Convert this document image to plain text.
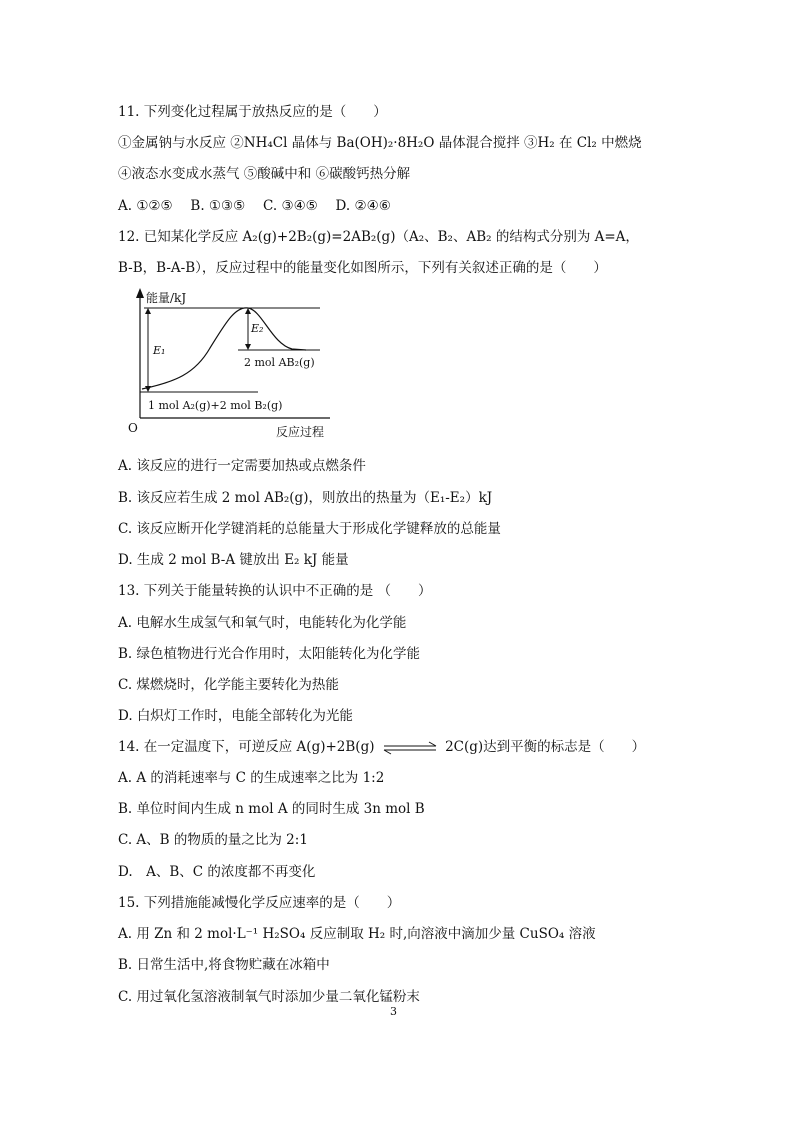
11. 下列变化过程属于放热反应的是（　　）
①金属钠与水反应 ②NH₄Cl 晶体与 Ba(OH)₂·8H₂O 晶体混合搅拌 ③H₂ 在 Cl₂ 中燃烧
④液态水变成水蒸气 ⑤酸碱中和 ⑥碳酸钙热分解
A. ①②⑤　 B. ①③⑤　 C. ③④⑤　 D. ②④⑥
12. 已知某化学反应 A₂(g)+2B₂(g)=2AB₂(g)（A₂、B₂、AB₂ 的结构式分别为 A=A，
B-B，B-A-B），反应过程中的能量变化如图所示，下列有关叙述正确的是（　　）
能量/kJ
O	反应过程
E₁
E₂
2 mol AB₂(g)
1 mol A₂(g)+2 mol B₂(g)
A. 该反应的进行一定需要加热或点燃条件
B. 该反应若生成 2 mol AB₂(g)，则放出的热量为（E₁-E₂）kJ
C. 该反应断开化学键消耗的总能量大于形成化学键释放的总能量
D. 生成 2 mol B-A 键放出 E₂ kJ 能量
13. 下列关于能量转换的认识中不正确的是 （　　）
A. 电解水生成氢气和氧气时，电能转化为化学能
B. 绿色植物进行光合作用时，太阳能转化为化学能
C. 煤燃烧时，化学能主要转化为热能
D. 白炽灯工作时，电能全部转化为光能
14. 在一定温度下，可逆反应 A(g)+2B(g)	2C(g)达到平衡的标志是（　　）
A. A 的消耗速率与 C 的生成速率之比为 1:2
B. 单位时间内生成 n mol A 的同时生成 3n mol B
C. A、B 的物质的量之比为 2:1
D.　A、B、C 的浓度都不再变化
15. 下列措施能减慢化学反应速率的是（　　）
A. 用 Zn 和 2 mol·L⁻¹ H₂SO₄ 反应制取 H₂ 时,向溶液中滴加少量 CuSO₄ 溶液
B. 日常生活中,将食物贮藏在冰箱中
C. 用过氧化氢溶液制氧气时添加少量二氧化锰粉末
3
